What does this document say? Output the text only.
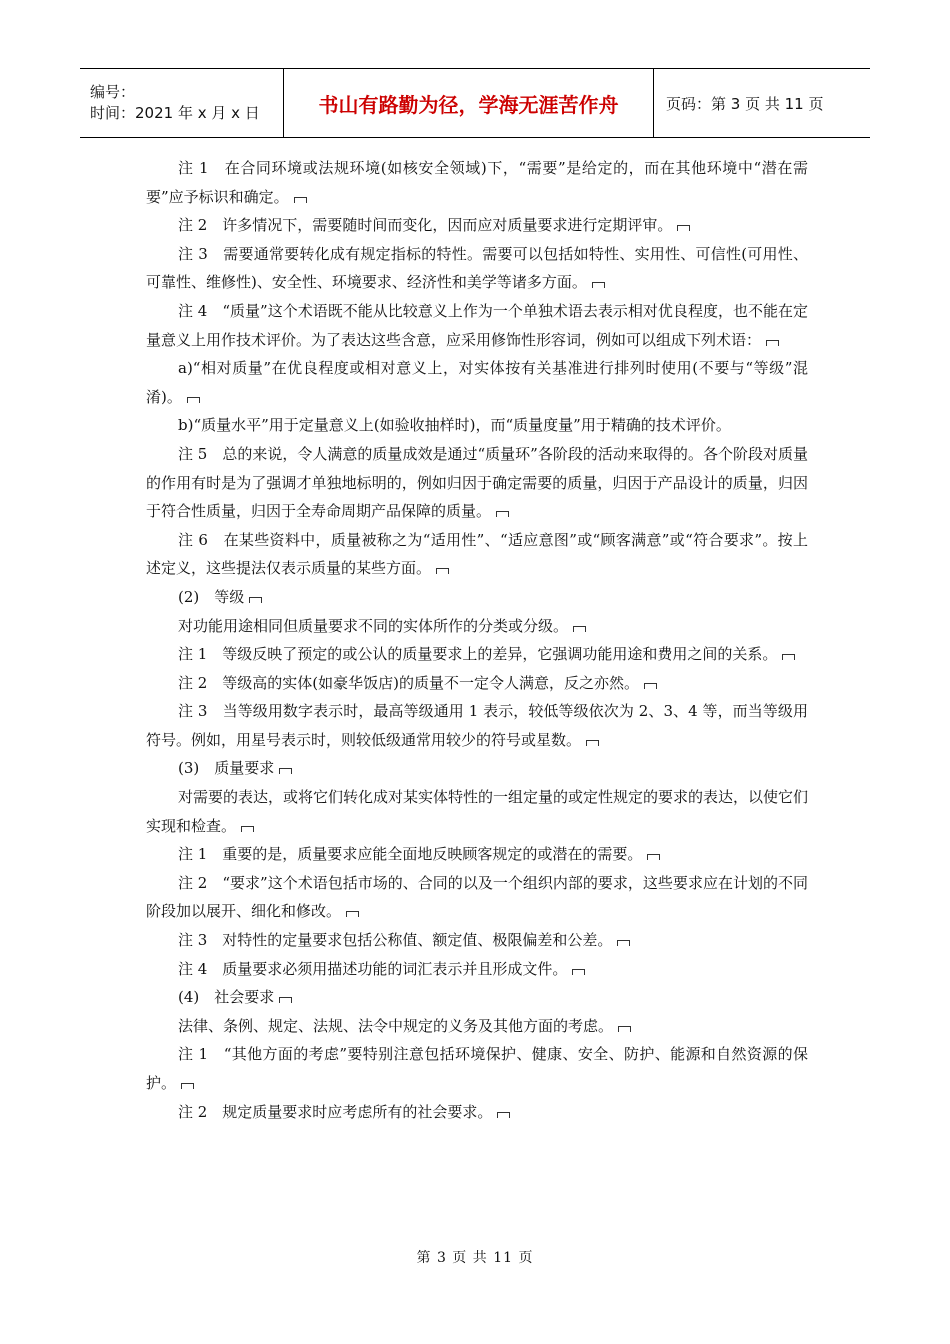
编号：
时间：2021 年 x 月 x 日	书山有路勤为径，学海无涯苦作舟	页码：第 3 页 共 11 页

注 1　在合同环境或法规环境(如核安全领域)下，“需要”是给定的，而在其他环境中“潜在需要”应予标识和确定。

注 2　许多情况下，需要随时间而变化，因而应对质量要求进行定期评审。

注 3　需要通常要转化成有规定指标的特性。需要可以包括如特性、实用性、可信性(可用性、可靠性、维修性)、安全性、环境要求、经济性和美学等诸多方面。

注 4　“质量”这个术语既不能从比较意义上作为一个单独术语去表示相对优良程度，也不能在定量意义上用作技术评价。为了表达这些含意，应采用修饰性形容词，例如可以组成下列术语：

a)“相对质量”在优良程度或相对意义上，对实体按有关基准进行排列时使用(不要与“等级”混淆)。

b)“质量水平”用于定量意义上(如验收抽样时)，而“质量度量”用于精确的技术评价。

注 5　总的来说，令人满意的质量成效是通过“质量环”各阶段的活动来取得的。各个阶段对质量的作用有时是为了强调才单独地标明的，例如归因于确定需要的质量，归因于产品设计的质量，归因于符合性质量，归因于全寿命周期产品保障的质量。

注 6　在某些资料中，质量被称之为“适用性”、“适应意图”或“顾客满意”或“符合要求”。按上述定义，这些提法仅表示质量的某些方面。

(2)　等级

对功能用途相同但质量要求不同的实体所作的分类或分级。

注 1　等级反映了预定的或公认的质量要求上的差异，它强调功能用途和费用之间的关系。

注 2　等级高的实体(如豪华饭店)的质量不一定令人满意，反之亦然。

注 3　当等级用数字表示时，最高等级通用 1 表示，较低等级依次为 2、3、4 等，而当等级用符号。例如，用星号表示时，则较低级通常用较少的符号或星数。

(3)　质量要求

对需要的表达，或将它们转化成对某实体特性的一组定量的或定性规定的要求的表达，以使它们实现和检查。

注 1　重要的是，质量要求应能全面地反映顾客规定的或潜在的需要。

注 2　“要求”这个术语包括市场的、合同的以及一个组织内部的要求，这些要求应在计划的不同阶段加以展开、细化和修改。

注 3　对特性的定量要求包括公称值、额定值、极限偏差和公差。

注 4　质量要求必须用描述功能的词汇表示并且形成文件。

(4)　社会要求

法律、条例、规定、法规、法令中规定的义务及其他方面的考虑。

注 1　“其他方面的考虑”要特别注意包括环境保护、健康、安全、防护、能源和自然资源的保护。

注 2　规定质量要求时应考虑所有的社会要求。

第 3 页 共 11 页
